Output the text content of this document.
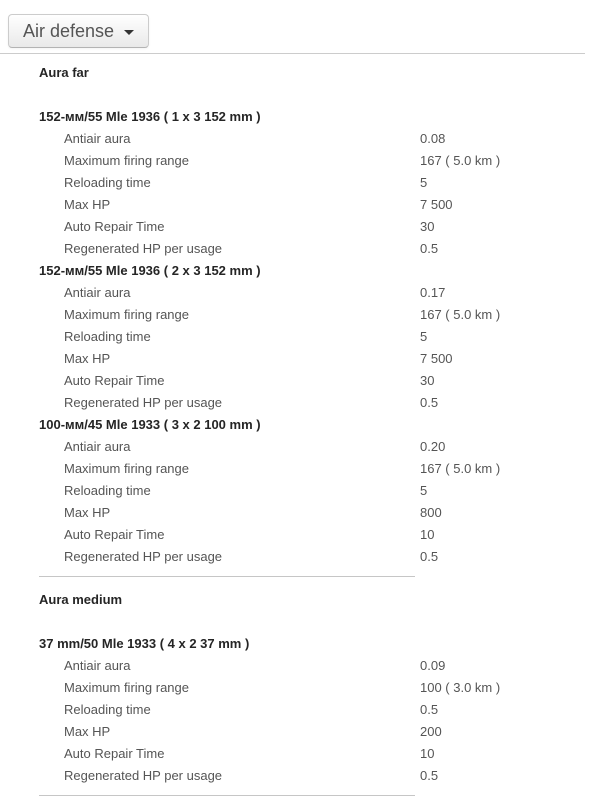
Air defense
Aura far
152-мм/55 Mle 1936 ( 1 x 3 152 mm )
Antiair aura	0.08
Maximum firing range	167 ( 5.0 km )
Reloading time	5
Max HP	7 500
Auto Repair Time	30
Regenerated HP per usage	0.5
152-мм/55 Mle 1936 ( 2 x 3 152 mm )
Antiair aura	0.17
Maximum firing range	167 ( 5.0 km )
Reloading time	5
Max HP	7 500
Auto Repair Time	30
Regenerated HP per usage	0.5
100-мм/45 Mle 1933 ( 3 x 2 100 mm )
Antiair aura	0.20
Maximum firing range	167 ( 5.0 km )
Reloading time	5
Max HP	800
Auto Repair Time	10
Regenerated HP per usage	0.5
Aura medium
37 mm/50 Mle 1933 ( 4 x 2 37 mm )
Antiair aura	0.09
Maximum firing range	100 ( 3.0 km )
Reloading time	0.5
Max HP	200
Auto Repair Time	10
Regenerated HP per usage	0.5
